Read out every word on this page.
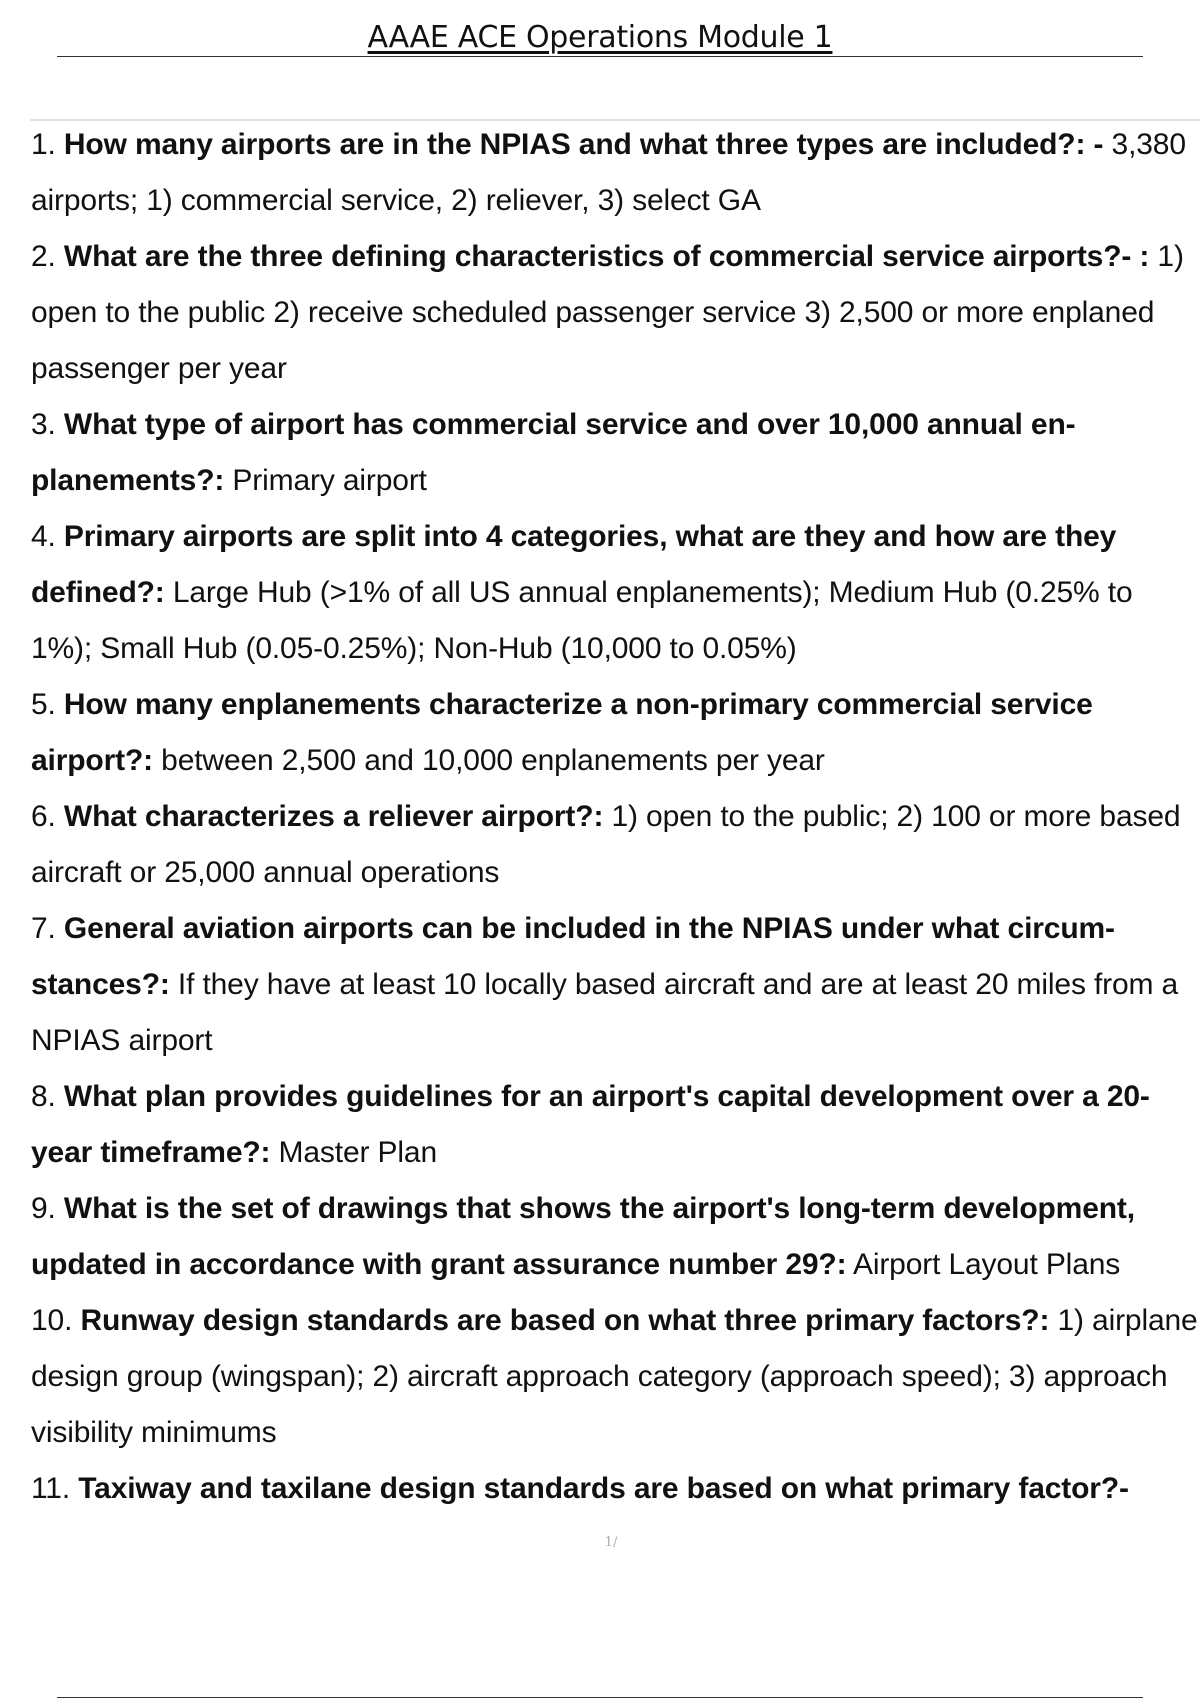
AAAE ACE Operations Module 1

1. How many airports are in the NPIAS and what three types are included?: - 3,380 airports; 1) commercial service, 2) reliever, 3) select GA

2. What are the three defining characteristics of commercial service airports?- : 1) open to the public 2) receive scheduled passenger service 3) 2,500 or more enplaned passenger per year

3. What type of airport has commercial service and over 10,000 annual en- planements?: Primary airport

4. Primary airports are split into 4 categories, what are they and how are they defined?: Large Hub (>1% of all US annual enplanements); Medium Hub (0.25% to 1%); Small Hub (0.05-0.25%); Non-Hub (10,000 to 0.05%)

5. How many enplanements characterize a non-primary commercial service airport?: between 2,500 and 10,000 enplanements per year

6. What characterizes a reliever airport?: 1) open to the public; 2) 100 or more based aircraft or 25,000 annual operations

7. General aviation airports can be included in the NPIAS under what circum- stances?: If they have at least 10 locally based aircraft and are at least 20 miles from a NPIAS airport

8. What plan provides guidelines for an airport's capital development over a 20-year timeframe?: Master Plan

9. What is the set of drawings that shows the airport's long-term development, updated in accordance with grant assurance number 29?: Airport Layout Plans

10. Runway design standards are based on what three primary factors?: 1) airplane design group (wingspan); 2) aircraft approach category (approach speed); 3) approach visibility minimums

11. Taxiway and taxilane design standards are based on what primary factor?-

1/
